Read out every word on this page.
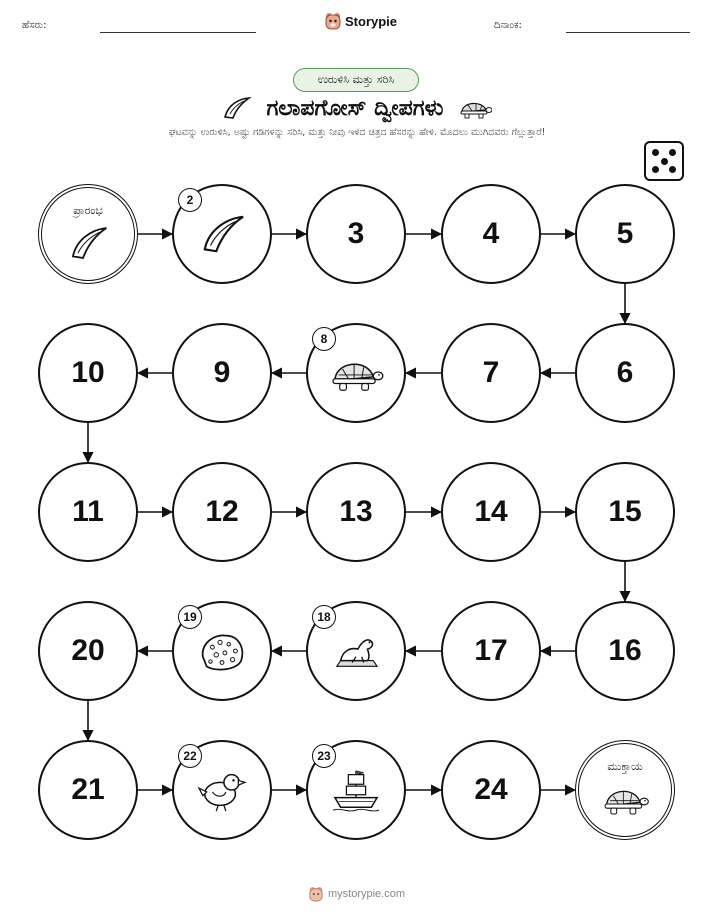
ಹೆಸರು:	Storypie	ದಿನಾಂಕ:
ಉರುಳಿಸಿ ಮತ್ತು ಸರಿಸಿ
ಗಲಾಪಗೋಸ್ ದ್ವೀಪಗಳು
ಘಟವನ್ನು ಉರುಳಿಸಿ, ಅಷ್ಟು ಗಡಿಗಳನ್ನು ಸರಿಸಿ, ಮತ್ತು ನೀವು ಇಳಿದ ಚಿತ್ರದ ಹೆಸರನ್ನು ಹೇಳಿ. ಮೊದಲು ಮುಗಿದವರು ಗೆಲ್ಲುತ್ತಾರೆ!
ಪ್ರಾರಂಭ
2
3	4	5
6
7
8
9
10
11	12	13	14	15
16
17
18
19
20
21
22	23
24
ಮುಕ್ತಾಯ
mystorypie.com
